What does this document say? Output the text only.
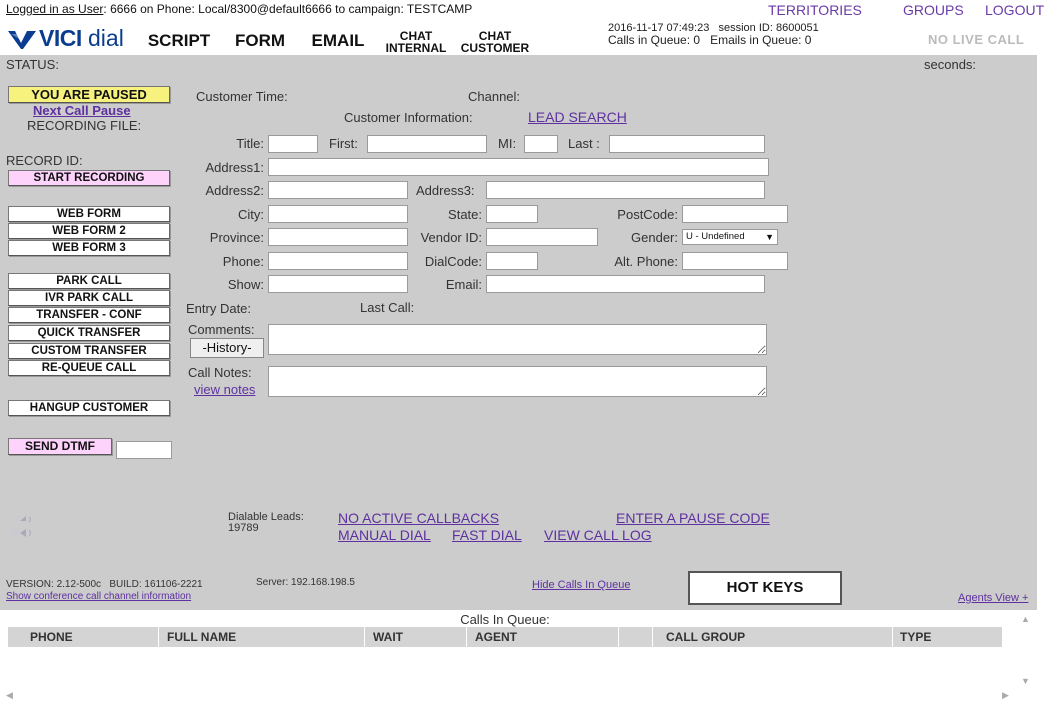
Logged in as User: 6666 on Phone: Local/8300@default6666 to campaign: TESTCAMP	TERRITORIES	GROUPS LOGOUT
VICI dial	SCRIPT	FORM	EMAIL	CHAT
INTERNAL
CHAT
CUSTOMER
2016-11-17 07:49:23 session ID: 8600051
Calls in Queue: 0 Emails in Queue: 0	NO LIVE CALL
STATUS:	seconds:
YOU ARE PAUSED
Next Call Pause
RECORDING FILE:
RECORD ID:
START RECORDING
WEB FORM
WEB FORM 2
WEB FORM 3
PARK CALL
IVR PARK CALL
TRANSFER - CONF
QUICK TRANSFER
CUSTOM TRANSFER
RE-QUEUE CALL
HANGUP CUSTOMER
SEND DTMF
Customer Time:	Channel:
Customer Information:	LEAD SEARCH
Title:	First:	MI:	Last :
Address1:
Address2:	Address3:
City:	State:	PostCode:
Province:	Vendor ID:	Gender: U - Undefined ▼
Phone:	DialCode:	Alt. Phone:
Show:	Email:
Entry Date:	Last Call:
Comments:
-History-
Call Notes:
view notes
Dialable Leads:
19789
NO ACTIVE CALLBACKS	ENTER A PAUSE CODE
MANUAL DIAL FAST DIAL VIEW CALL LOG
VERSION: 2.12-500c   BUILD: 161106-2221	Server: 192.168.198.5
Show conference call channel information
Hide Calls In Queue	HOT KEYS
Agents View +
Calls In Queue:
PHONE	FULL NAME	WAIT	AGENT	CALL GROUP	TYPE
▲
▼
◀	▶
